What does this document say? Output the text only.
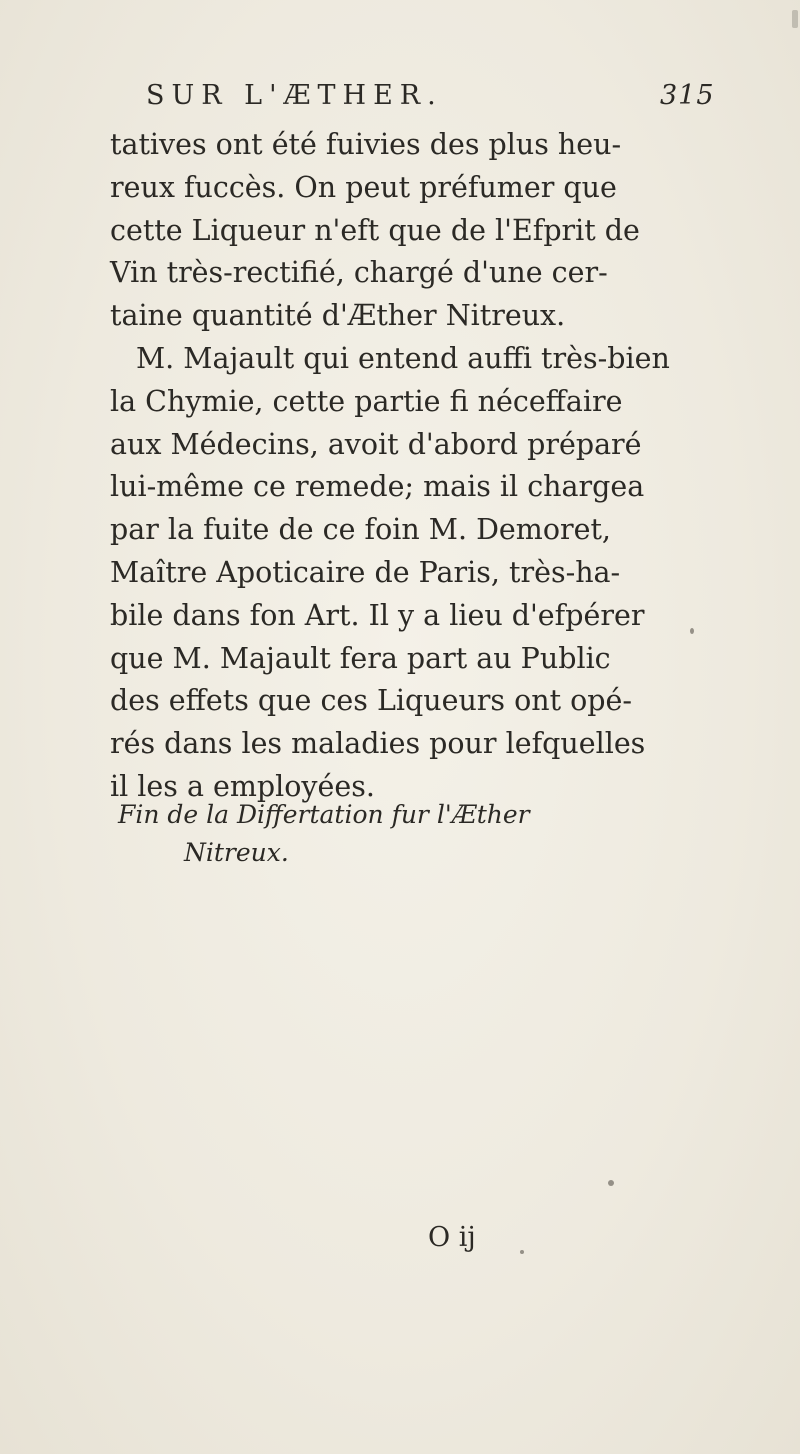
SUR L'ÆTHER.	315
tatives ont été fuivies des plus heu-
reux fuccès. On peut préfumer que
cette Liqueur n'eft que de l'Efprit de
Vin très-rectifié, chargé d'une cer-
taine quantité d'Æther Nitreux.
M. Majault qui entend auffi très-bien
la Chymie, cette partie fi néceffaire
aux Médecins, avoit d'abord préparé
lui-même ce remede; mais il chargea
par la fuite de ce foin M. Demoret,
Maître Apoticaire de Paris, très-ha-
bile dans fon Art. Il y a lieu d'efpérer
que M. Majault fera part au Public
des effets que ces Liqueurs ont opé-
rés dans les maladies pour lefquelles
il les a employées.
Fin de la Differtation fur l'Æther
Nitreux.
O ij
